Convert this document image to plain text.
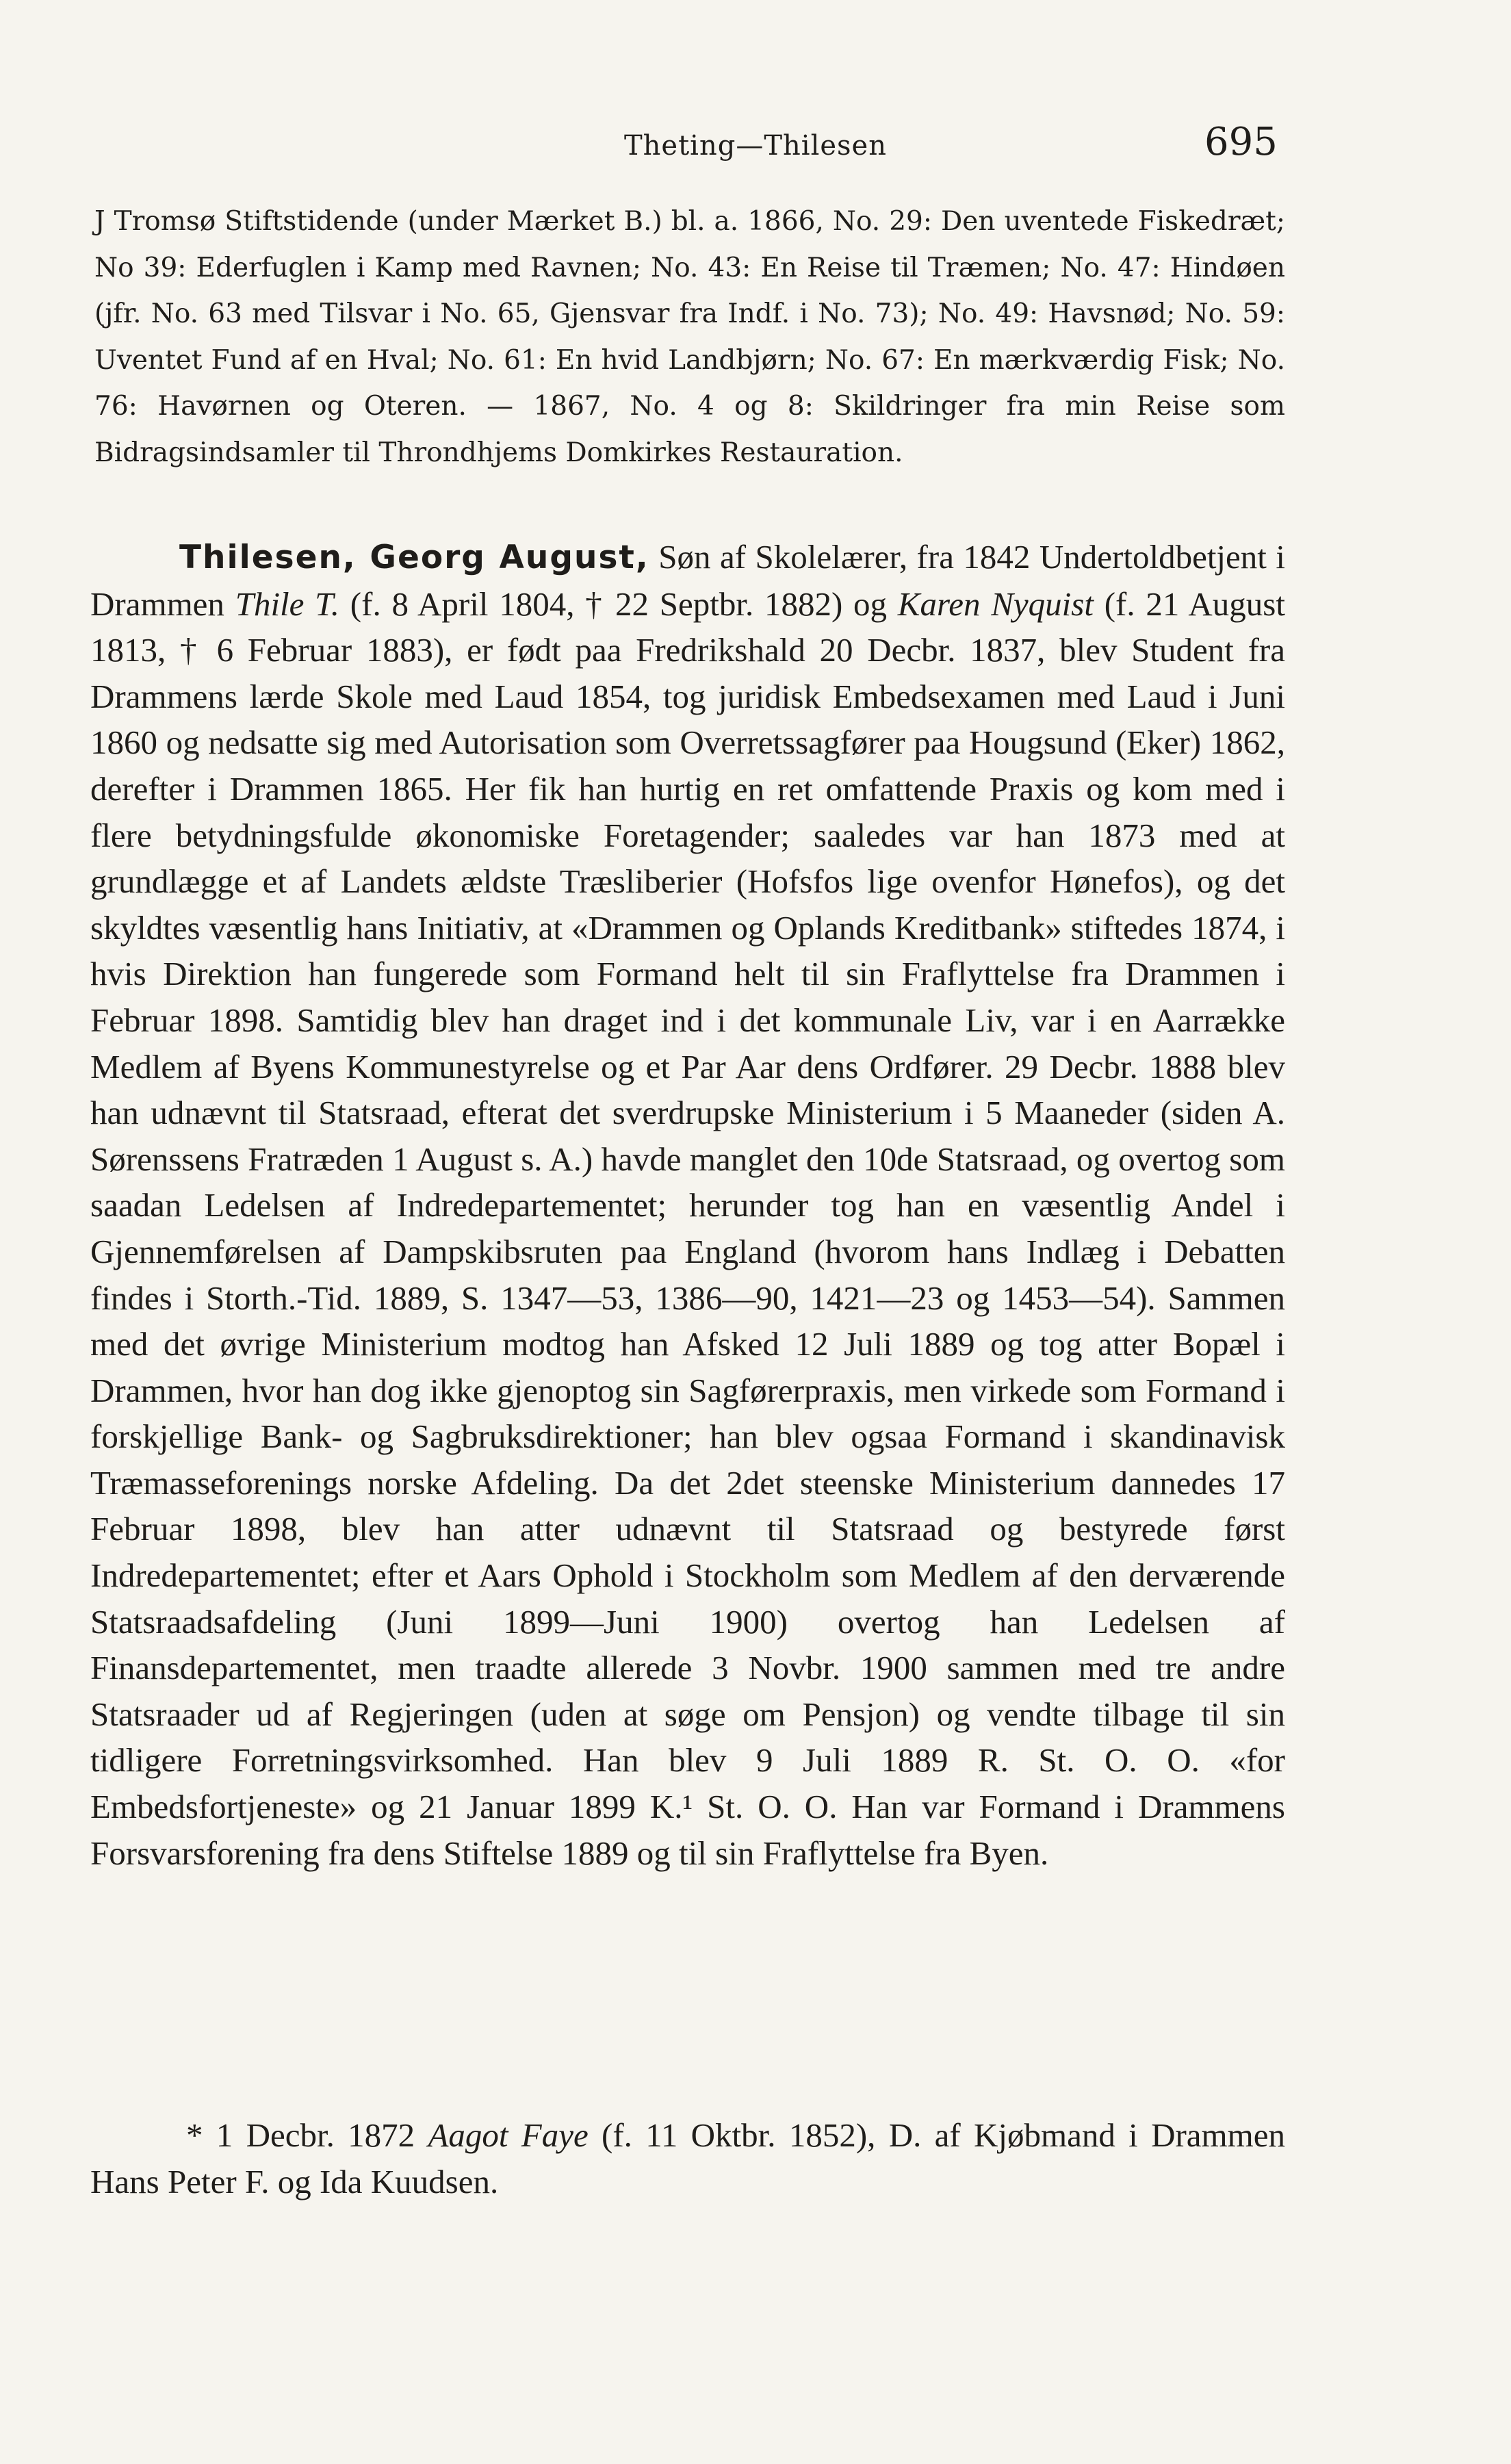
Theting—Thilesen	695

J Tromsø Stiftstidende (under Mærket B.) bl. a. 1866, No. 29: Den uventede Fiskedræt; No 39: Ederfuglen i Kamp med Ravnen; No. 43: En Reise til Træmen; No. 47: Hindøen (jfr. No. 63 med Tilsvar i No. 65, Gjensvar fra Indf. i No. 73); No. 49: Havsnød; No. 59: Uventet Fund af en Hval; No. 61: En hvid Landbjørn; No. 67: En mærkværdig Fisk; No. 76: Havørnen og Oteren. — 1867, No. 4 og 8: Skildringer fra min Reise som Bidragsindsamler til Throndhjems Domkirkes Restauration.

Thilesen, Georg August, Søn af Skolelærer, fra 1842 Undertoldbetjent i Drammen Thile T. (f. 8 April 1804, † 22 Septbr. 1882) og Karen Nyquist (f. 21 August 1813, † 6 Februar 1883), er født paa Fredrikshald 20 Decbr. 1837, blev Student fra Drammens lærde Skole med Laud 1854, tog juridisk Embedsexamen med Laud i Juni 1860 og nedsatte sig med Autorisation som Overretssagfører paa Hougsund (Eker) 1862, derefter i Drammen 1865. Her fik han hurtig en ret omfattende Praxis og kom med i flere betydningsfulde økonomiske Foretagender; saaledes var han 1873 med at grundlægge et af Landets ældste Træsliberier (Hofsfos lige ovenfor Hønefos), og det skyldtes væsentlig hans Initiativ, at «Drammen og Oplands Kreditbank» stiftedes 1874, i hvis Direktion han fungerede som Formand helt til sin Fraflyttelse fra Drammen i Februar 1898. Samtidig blev han draget ind i det kommunale Liv, var i en Aarrække Medlem af Byens Kommunestyrelse og et Par Aar dens Ordfører. 29 Decbr. 1888 blev han udnævnt til Statsraad, efterat det sverdrupske Ministerium i 5 Maaneder (siden A. Sørenssens Fratræden 1 August s. A.) havde manglet den 10de Statsraad, og overtog som saadan Ledelsen af Indredepartementet; herunder tog han en væsentlig Andel i Gjennemførelsen af Dampskibsruten paa England (hvorom hans Indlæg i Debatten findes i Storth.-Tid. 1889, S. 1347—53, 1386—90, 1421—23 og 1453—54). Sammen med det øvrige Ministerium modtog han Afsked 12 Juli 1889 og tog atter Bopæl i Drammen, hvor han dog ikke gjenoptog sin Sagførerpraxis, men virkede som Formand i forskjellige Bank- og Sagbruksdirektioner; han blev ogsaa Formand i skandinavisk Træmasseforenings norske Afdeling. Da det 2det steenske Ministerium dannedes 17 Februar 1898, blev han atter udnævnt til Statsraad og bestyrede først Indredepartementet; efter et Aars Ophold i Stockholm som Medlem af den derværende Statsraadsafdeling (Juni 1899—Juni 1900) overtog han Ledelsen af Finansdepartementet, men traadte allerede 3 Novbr. 1900 sammen med tre andre Statsraader ud af Regjeringen (uden at søge om Pensjon) og vendte tilbage til sin tidligere Forretningsvirksomhed. Han blev 9 Juli 1889 R. St. O. O. «for Embedsfortjeneste» og 21 Januar 1899 K.¹ St. O. O. Han var Formand i Drammens Forsvarsforening fra dens Stiftelse 1889 og til sin Fraflyttelse fra Byen.

* 1 Decbr. 1872 Aagot Faye (f. 11 Oktbr. 1852), D. af Kjøbmand i Drammen Hans Peter F. og Ida Kuudsen.
